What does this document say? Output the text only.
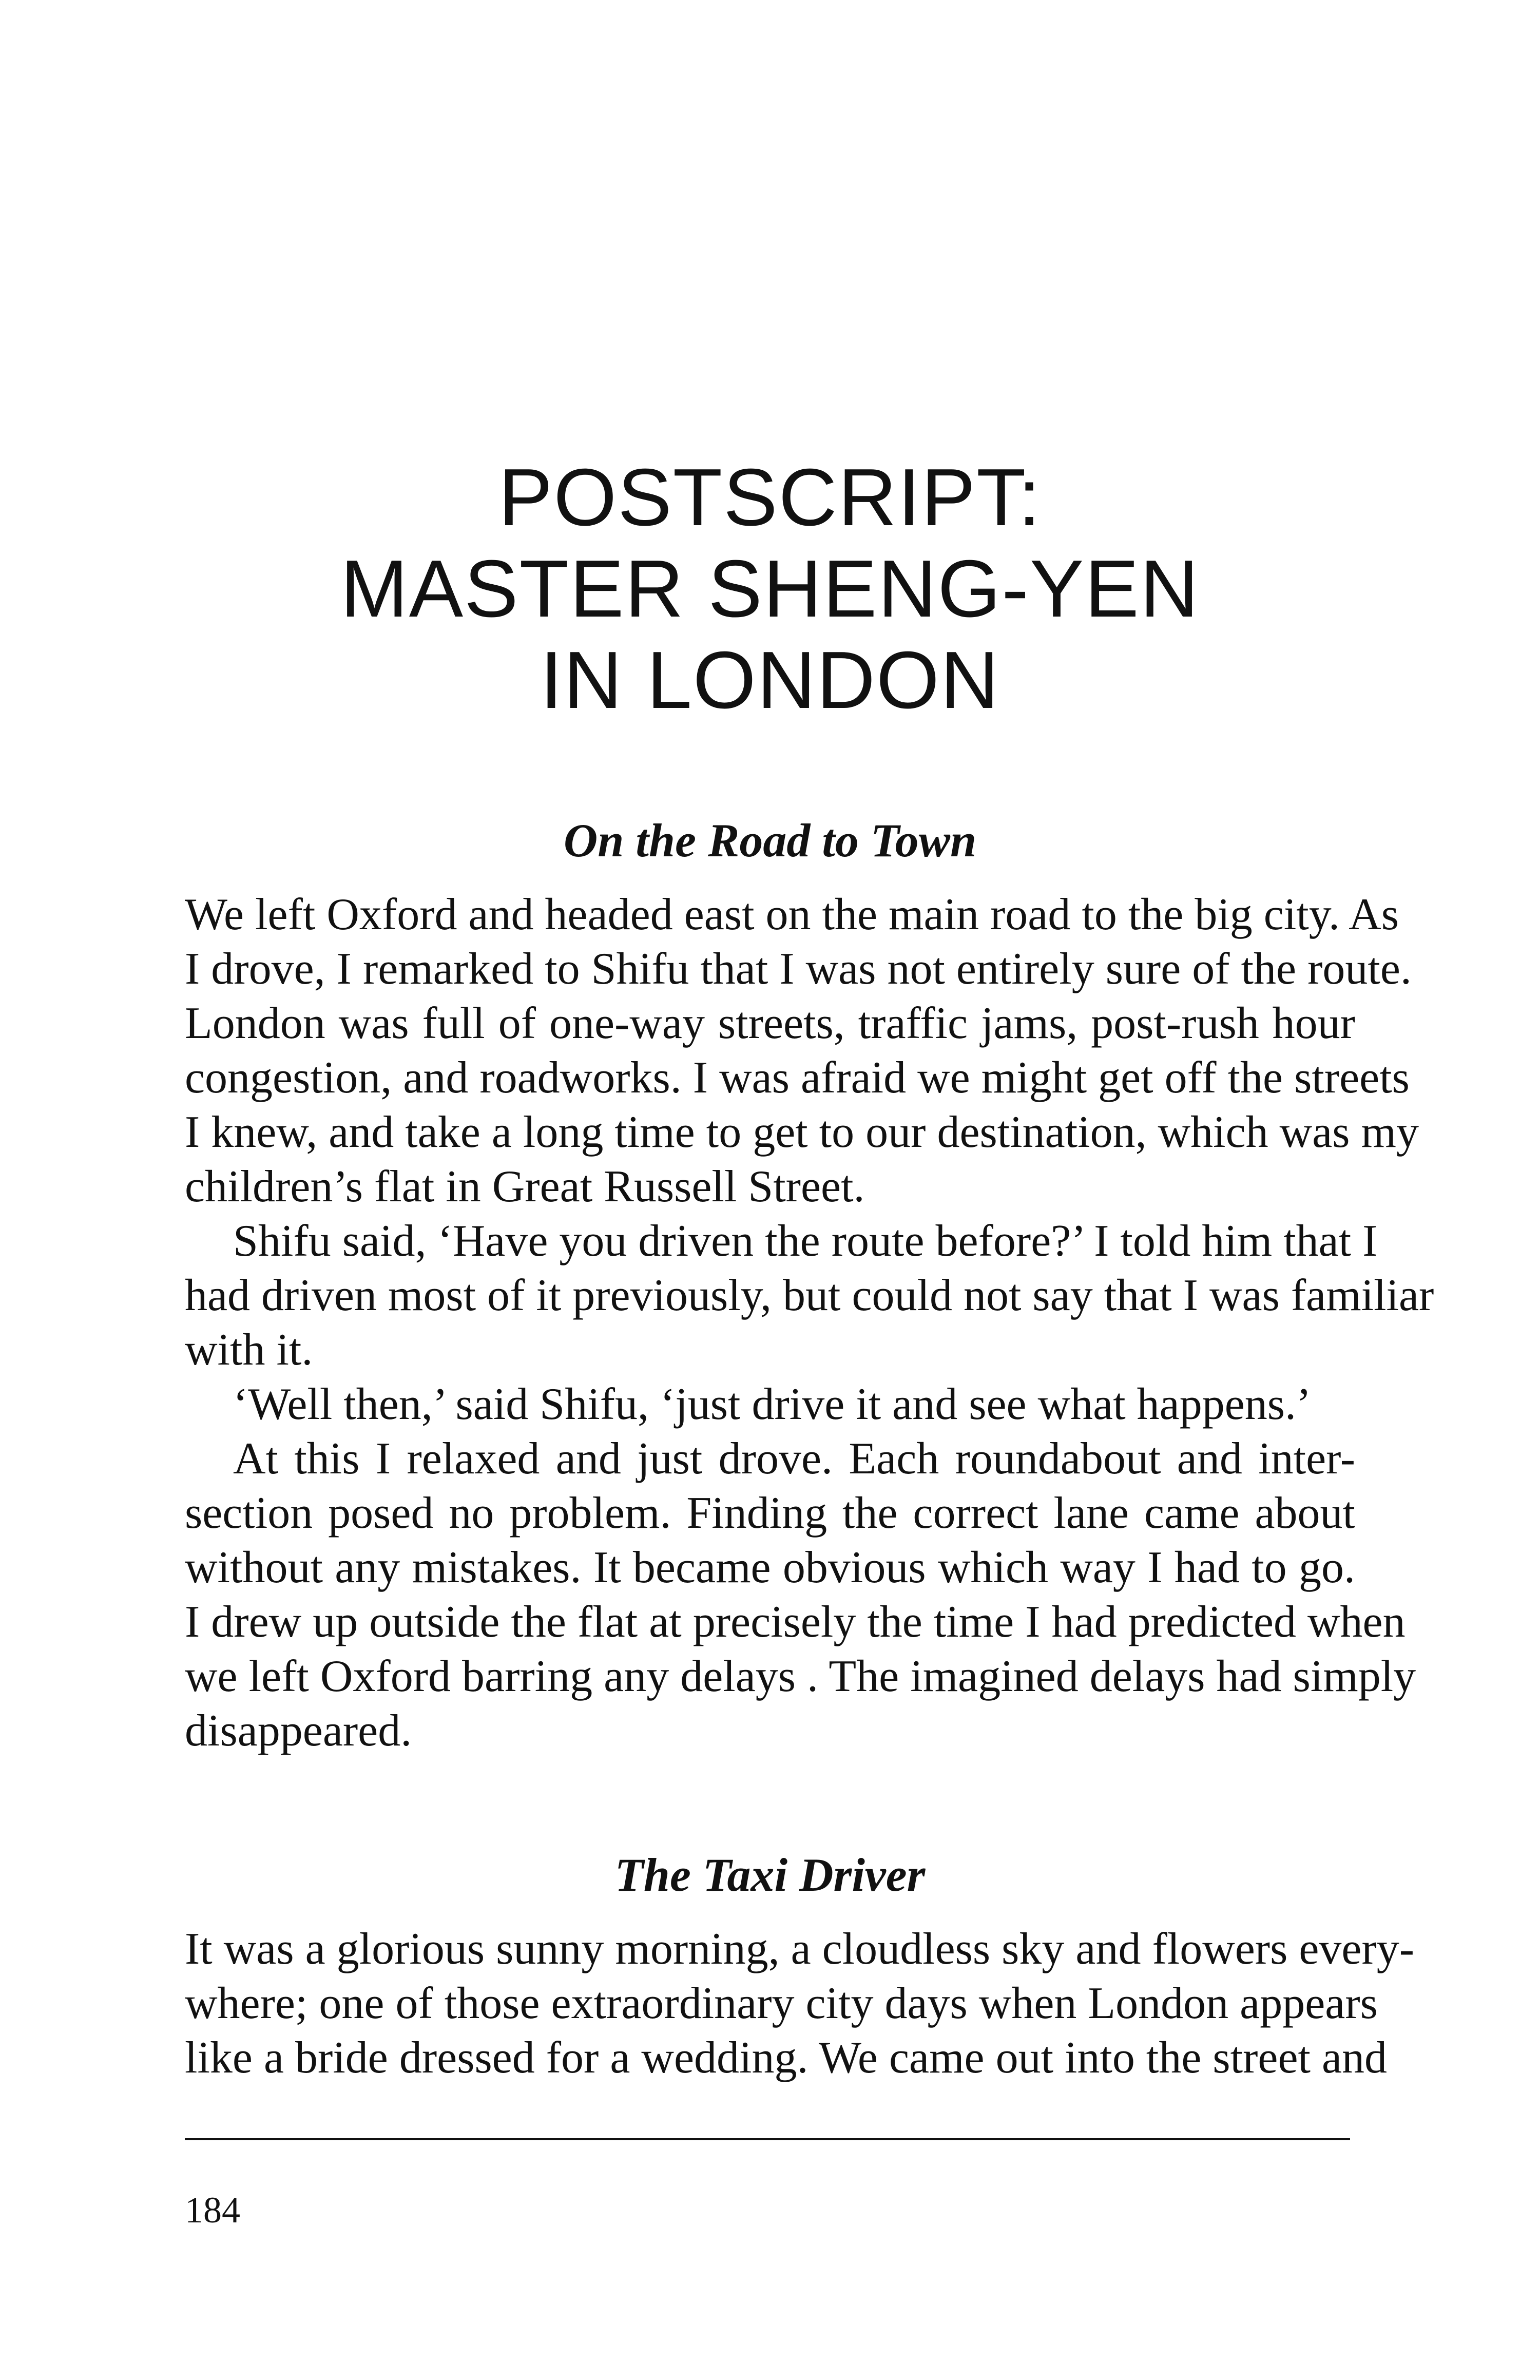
POSTSCRIPT:
MASTER SHENG-YEN
IN LONDON
On the Road to Town

We left Oxford and headed east on the main road to the big city. As
I drove, I remarked to Shifu that I was not entirely sure of the route.
London was full of one-way streets, traffic jams, post-rush hour
congestion, and roadworks. I was afraid we might get off the streets
I knew, and take a long time to get to our destination, which was my
children’s flat in Great Russell Street.

Shifu said, ‘Have you driven the route before?’ I told him that I
had driven most of it previously, but could not say that I was familiar
with it.

‘Well then,’ said Shifu, ‘just drive it and see what happens.’

At this I relaxed and just drove. Each roundabout and inter-
section posed no problem. Finding the correct lane came about
without any mistakes. It became obvious which way I had to go.
I drew up outside the flat at precisely the time I had predicted when
we left Oxford barring any delays . The imagined delays had simply
disappeared.

The Taxi Driver

It was a glorious sunny morning, a cloudless sky and flowers every-
where; one of those extraordinary city days when London appears
like a bride dressed for a wedding. We came out into the street and

184
